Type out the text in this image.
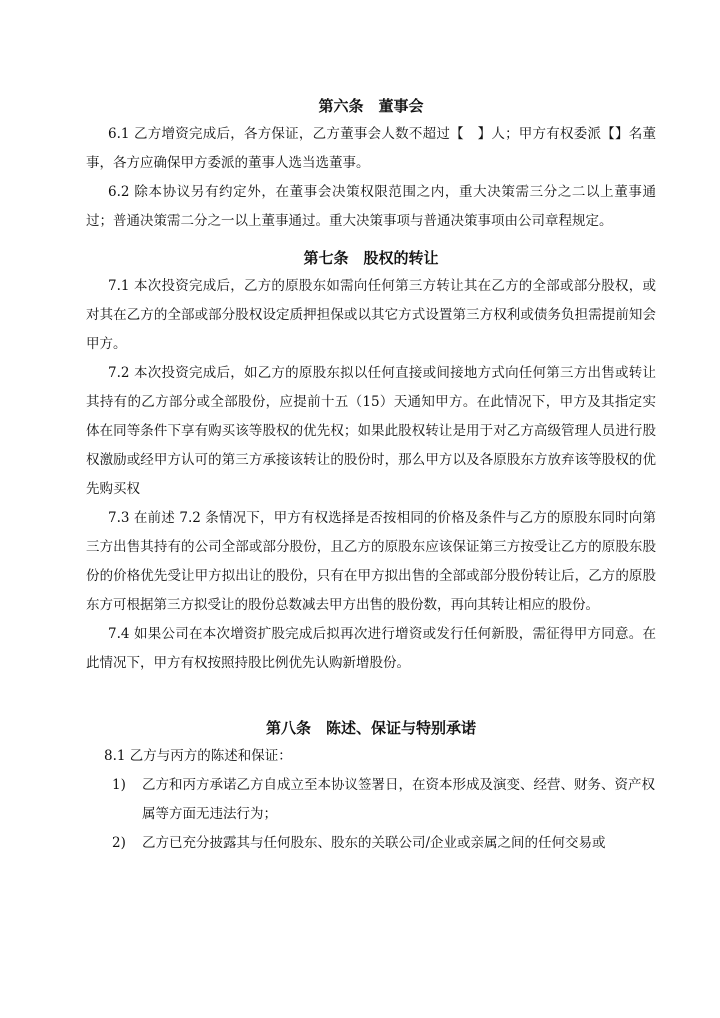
第六条　董事会

6.1 乙方增资完成后，各方保证，乙方董事会人数不超过【　】人；甲方有权委派【】名董事，各方应确保甲方委派的董事人选当选董事。

6.2 除本协议另有约定外，在董事会决策权限范围之内，重大决策需三分之二以上董事通过；普通决策需二分之一以上董事通过。重大决策事项与普通决策事项由公司章程规定。

第七条　股权的转让

7.1 本次投资完成后，乙方的原股东如需向任何第三方转让其在乙方的全部或部分股权，或对其在乙方的全部或部分股权设定质押担保或以其它方式设置第三方权利或债务负担需提前知会甲方。

7.2 本次投资完成后，如乙方的原股东拟以任何直接或间接地方式向任何第三方出售或转让其持有的乙方部分或全部股份，应提前十五（15）天通知甲方。在此情况下，甲方及其指定实体在同等条件下享有购买该等股权的优先权；如果此股权转让是用于对乙方高级管理人员进行股权激励或经甲方认可的第三方承接该转让的股份时，那么甲方以及各原股东方放弃该等股权的优先购买权

7.3 在前述 7.2 条情况下，甲方有权选择是否按相同的价格及条件与乙方的原股东同时向第三方出售其持有的公司全部或部分股份，且乙方的原股东应该保证第三方按受让乙方的原股东股份的价格优先受让甲方拟出让的股份，只有在甲方拟出售的全部或部分股份转让后，乙方的原股东方可根据第三方拟受让的股份总数减去甲方出售的股份数，再向其转让相应的股份。

7.4 如果公司在本次增资扩股完成后拟再次进行增资或发行任何新股，需征得甲方同意。在此情况下，甲方有权按照持股比例优先认购新增股份。

第八条　陈述、保证与特别承诺

8.1 乙方与丙方的陈述和保证：

1) 乙方和丙方承诺乙方自成立至本协议签署日，在资本形成及演变、经营、财务、资产权属等方面无违法行为；
2) 乙方已充分披露其与任何股东、股东的关联公司/企业或亲属之间的任何交易或
